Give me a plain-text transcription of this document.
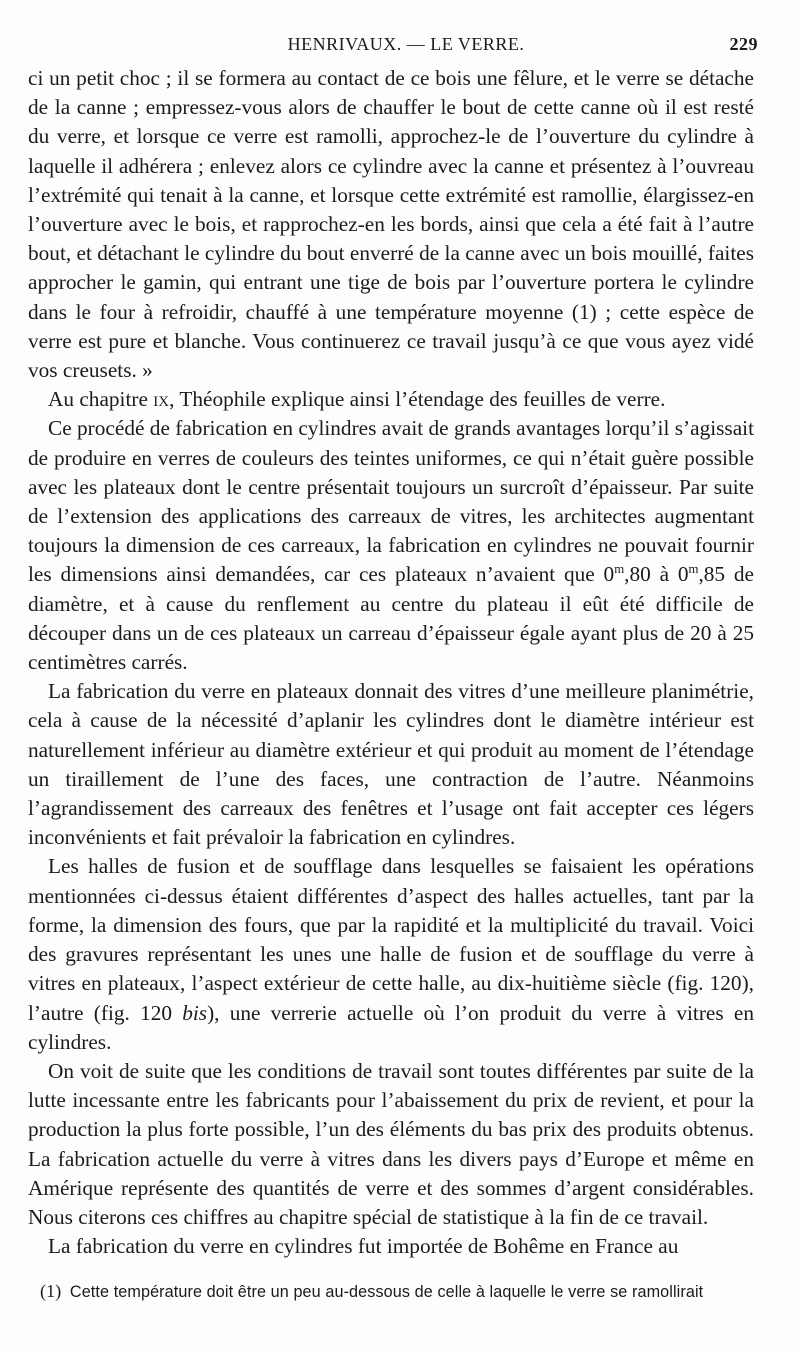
HENRIVAUX. — LE VERRE.	229

ci un petit choc ; il se formera au contact de ce bois une fêlure, et le verre se détache de la canne ; empressez-vous alors de chauffer le bout de cette canne où il est resté du verre, et lorsque ce verre est ramolli, approchez-le de l’ouverture du cylindre à laquelle il adhérera ; enlevez alors ce cylindre avec la canne et présentez à l’ouvreau l’extrémité qui tenait à la canne, et lorsque cette extrémité est ramollie, élargissez-en l’ouverture avec le bois, et rapprochez-en les bords, ainsi que cela a été fait à l’autre bout, et détachant le cylindre du bout enverré de la canne avec un bois mouillé, faites approcher le gamin, qui entrant une tige de bois par l’ouverture portera le cylindre dans le four à refroidir, chauffé à une température moyenne (1) ; cette espèce de verre est pure et blanche. Vous continuerez ce travail jusqu’à ce que vous ayez vidé vos creusets. »

Au chapitre ix, Théophile explique ainsi l’étendage des feuilles de verre.

Ce procédé de fabrication en cylindres avait de grands avantages lorqu’il s’agissait de produire en verres de couleurs des teintes uniformes, ce qui n’était guère possible avec les plateaux dont le centre présentait toujours un surcroît d’épaisseur. Par suite de l’extension des applications des carreaux de vitres, les architectes augmentant toujours la dimension de ces carreaux, la fabrication en cylindres ne pouvait fournir les dimensions ainsi demandées, car ces plateaux n’avaient que 0$^m$,80 à 0$^m$,85 de diamètre, et à cause du renflement au centre du plateau il eût été difficile de découper dans un de ces plateaux un carreau d’épaisseur égale ayant plus de 20 à 25 centimètres carrés.

La fabrication du verre en plateaux donnait des vitres d’une meilleure planimétrie, cela à cause de la nécessité d’aplanir les cylindres dont le diamètre intérieur est naturellement inférieur au diamètre extérieur et qui produit au moment de l’étendage un tiraillement de l’une des faces, une contraction de l’autre. Néanmoins l’agrandissement des carreaux des fenêtres et l’usage ont fait accepter ces légers inconvénients et fait prévaloir la fabrication en cylindres.

Les halles de fusion et de soufflage dans lesquelles se faisaient les opérations mentionnées ci-dessus étaient différentes d’aspect des halles actuelles, tant par la forme, la dimension des fours, que par la rapidité et la multiplicité du travail. Voici des gravures représentant les unes une halle de fusion et de soufflage du verre à vitres en plateaux, l’aspect extérieur de cette halle, au dix-huitième siècle (fig. 120), l’autre (fig. 120 bis), une verrerie actuelle où l’on produit du verre à vitres en cylindres.

On voit de suite que les conditions de travail sont toutes différentes par suite de la lutte incessante entre les fabricants pour l’abaissement du prix de revient, et pour la production la plus forte possible, l’un des éléments du bas prix des produits obtenus. La fabrication actuelle du verre à vitres dans les divers pays d’Europe et même en Amérique représente des quantités de verre et des sommes d’argent considérables. Nous citerons ces chiffres au chapitre spécial de statistique à la fin de ce travail.

La fabrication du verre en cylindres fut importée de Bohême en France au

(1) Cette température doit être un peu au-dessous de celle à laquelle le verre se ramollirait
